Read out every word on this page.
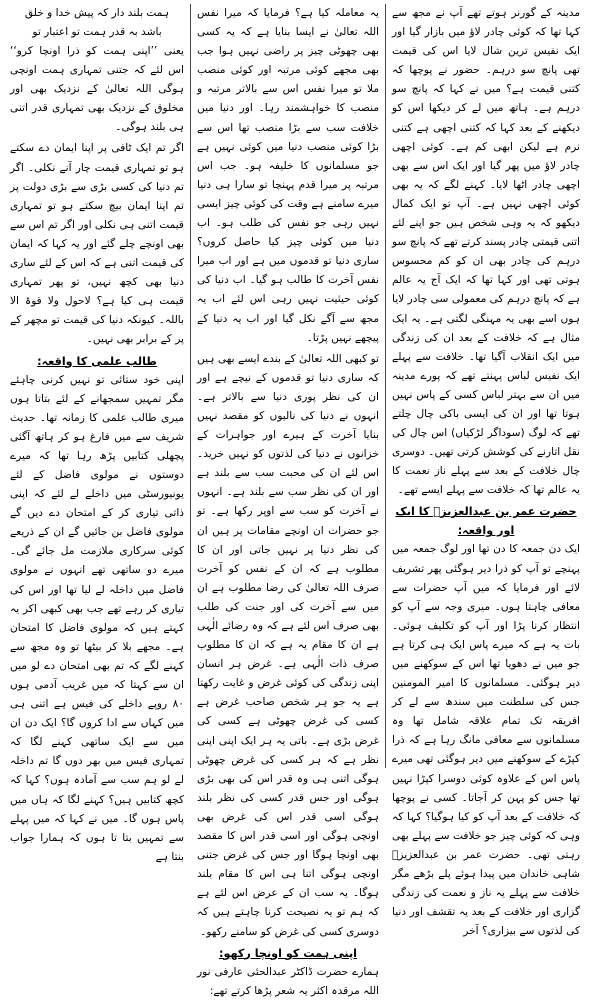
مدینہ کے گورنر ہوتے تھے آپ نے مجھ سے کہا تھا کہ کوئی چادر لاؤ میں بازار گیا اور ایک نفیس ترین شال لایا اس کی قیمت تھی پانچ سو درہم۔ حضور نے پوچھا کہ کتنی قیمت ہے؟ میں نے کہا کہ پانچ سو درہم ہے۔ ہاتھ میں لے کر دیکھا اس کو دیکھنے کے بعد کہا کہ کتنی اچھی ہے کتنی نرم ہے لیکن ابھی کم ہے۔ کوئی اچھی چادر لاؤ میں پھر گیا اور ایک اس سے بھی اچھی چادر اٹھا لایا۔ کہنے لگے کہ یہ بھی کوئی اچھی نہیں ہے۔ آپ تو ایک کمال دیکھو کہ یہ وہی شخص ہیں جو اپنے لئے اتنی قیمتی چادر پسند کرتے تھے کہ پانچ سو درہم کی چادر بھی ان کو کم محسوس ہوتی تھی اور کہا تھا کہ ایک آج یہ عالم ہے کہ پانچ درہم کی معمولی سی چادر لایا ہوں اسے بھی یہ مہنگی لگتی ہے۔ یہ ایک مثال ہے کہ خلافت کے بعد ان کی زندگی میں ایک انقلاب آگیا تھا۔ خلافت سے پہلے ایک نفیس لباس پہنتے تھے کہ پورے مدینہ میں ان سے بہتر لباس کسی کے پاس نہیں ہوتا تھا اور ان کی ایسی باکی چال چلتے تھے کہ لوگ (سوداگر لڑکیاں) اس چال کی نقل اتارنے کی کوشش کرتی تھیں۔ دوسری چال خلافت کے بعد سے پہلے ناز نعمت کا یہ عالم تھا کہ خلافت سے پہلے ایسے تھے۔

حضرت عمر بن عبدالعزیزؒ کا ایک اور واقعہ:

ایک دن جمعہ کا دن تھا اور لوگ جمعہ میں پہنچے تو آپ کو ذرا دیر ہوگئی پھر تشریف لائے اور فرمایا کہ میں آپ حضرات سے معافی چاہتا ہوں۔ میری وجہ سے آپ کو انتظار کرنا پڑا اور آپ کو تکلیف ہوئی۔ بات یہ ہے کہ میرے پاس ایک ہی کرتا ہے جو میں نے دھویا تھا اس کے سوکھنے میں دیر ہوگئی۔ مسلمانوں کا امیر المومنین جس کی سلطنت میں سندھ سے لے کر افریقہ تک تمام علاقہ شامل تھا وہ مسلمانوں سے معافی مانگ رہا ہے کہ ذرا کپڑے کے سوکھنے میں دیر ہوگئی تھی میرے پاس اس کے علاوہ کوئی دوسرا کپڑا نہیں تھا جس کو پہن کر آجاتا۔ کسی نے پوچھا کہ خلافت کے بعد آپ کو کیا ہوگیا؟ کہا کہ وہی کہ کوئی چیز جو خلافت سے پہلے بھی رہتی تھی۔ حضرت عمر بن عبدالعزیزؒ شاہی خاندان میں پیدا ہوئے پلے بڑھے مگر خلافت سے پہلے یہ ناز و نعمت کی زندگی گزاری اور خلافت کے بعد یہ تقشف اور دنیا کی لذتوں سے بیزاری؟ آخر

یہ معاملہ کیا ہے؟ فرمایا کہ میرا نفس اللہ تعالیٰ نے ایسا بنایا ہے کہ یہ کسی بھی چھوٹی چیز پر راضی نہیں ہوا جب بھی مجھے کوئی مرتبہ اور کوئی منصب ملا تو میرا نفس اس سے بالاتر مرتبہ و منصب کا خواہشمند رہا۔ اور دنیا میں خلافت سب سے بڑا منصب تھا اس سے بڑا کوئی منصب دنیا میں کوئی نہیں ہے جو مسلمانوں کا خلیفہ ہو۔ جب اس مرتبہ پر میرا قدم پہنچا تو سارا ہی دنیا میرے سامنے ہے وقت کی کوئی چیز ایسی نہیں رہی جو نفس کی طلب ہو۔ اب دنیا میں کوئی چیز کیا حاصل کروں؟ ساری دنیا تو قدموں میں ہے اور اب میرا نفس آخرت کا طالب ہو گیا۔ اب دنیا کی کوئی حیثیت نہیں رہی اس لئے اب یہ مجھ سے آگے نکل گیا اور اب یہ دنیا کے پیچھے نہیں پڑتا۔

تو کبھی اللہ تعالیٰ کے بندے ایسے بھی ہیں کہ ساری دنیا تو قدموں کے نیچے ہے اور ان کی نظر پوری دنیا سے بالاتر ہے۔ انہوں نے دنیا کی نالیوں کو مقصد نہیں بنایا آخرت کے ہیرے اور جواہرات کے خزانوں نے دنیا کی لذتوں کو نہیں خرید۔ اس لئے ان کی محبت سب سے بلند ہے اور ان کی نظر سب سے بلند ہے۔ انہوں نے آخرت کو سب سے اوپر رکھا ہے۔ تو جو حضرات ان اونچے مقامات پر ہیں ان کی نظر دنیا پر نہیں جاتی اور ان کا مطلوب ہے کہ ان کے نفس کو آخرت صرف اللہ تعالیٰ کی رضا مطلوب ہے ان میں سے آخرت کی اور جنت کی طلب بھی صرف اس لئے ہے کہ وہ رضائے الٰہی ہے ان کا مقام یہ ہے کہ ان کا مطلوب صرف ذات الٰہی ہے۔ غرض ہر انسان اپنی زندگی کی کوئی غرض و غایت رکھتا ہے یہ جو ہر شخص صاحب غرض ہے کسی کی غرض چھوٹی ہے کسی کی غرض بڑی ہے۔ باتی یہ ہر ایک اپنی اپنی نظر ہے کہ ہر کسی کی غرض چھوٹی ہوگی اتنی ہی وہ قدر اس کی بھی بڑی ہوگی اور جس قدر کسی کی نظر بلند ہوگی اسی قدر اس کی غرض بھی اونچی ہوگی اور اسی قدر اس کا مقصد بھی اونچا ہوگا اور جس کی غرض جتنی اونچی ہوگی اتنا ہی اس کا مقام بلند ہوگا۔ یہ سب ان کے عرض اس لئے ہے کہ ہم تو یہ نصیحت کرنا چاہتے ہیں کہ دوسری کسی کی غرض کو سامنے رکھو۔

اپنی ہمت کو اونچا رکھو:

ہمارے حضرت ڈاکٹر عبدالحئی عارفی نور اللہ مرقدہ اکثر یہ شعر پڑھا کرتے تھے:

ہمت بلند دار کہ پیش خدا و خلق

باشد بہ قدر ہمت تو اعتبار تو

یعنی ’’اپنی ہمت کو ذرا اونچا کرو‘‘ اس لئے کہ جتنی تمہاری ہمت اونچی ہوگی اللہ تعالیٰ کے نزدیک بھی اور مخلوق کے نزدیک بھی تمہاری قدر اتنی ہی بلند ہوگی۔

اگر تم ایک ٹافی پر اپنا ایمان دے سکتے ہو تو تمہاری قیمت چار آنے نکلی۔ اگر تم دنیا کی کسی بڑی سے بڑی دولت پر تم اپنا ایمان بیچ سکتے ہو تو تمہاری قیمت اتنی ہی نکلی اور اگر تم اس سے بھی اونچے چلے گئے اور یہ کہا کہ ایمان کی قیمت اتنی ہے کہ اس کے لئے ساری دنیا بھی کچھ نہیں، تو پھر تمہاری قیمت ہی کیا ہے؟ لاحول ولا قوۃ الا باللہ۔ کیونکہ دنیا کی قیمت تو مچھر کے پر کے برابر بھی نہیں۔

طالب علمی کا واقعہ:

اپنی خود ستائی تو نہیں کرنی چاہئے مگر تمہیں سمجھانے کے لئے بتاتا ہوں میری طالب علمی کا زمانہ تھا۔ حدیث شریف سے میں فارغ ہو کر ہاتھ آگئی پچھلی کتابیں پڑھ رہا تھا کہ میرے دوستوں نے مولوی فاضل کے لئے یونیورسٹی میں داخلے لے لئے کہ اپنی ذاتی تیاری کر کے امتحان دے دیں گے مولوی فاضل بن جائیں گے ان کے ذریعے کوئی سرکاری ملازمت مل جائے گی۔ میرے دو ساتھی تھے انہوں نے مولوی فاضل میں داخلہ لے لیا تھا اور اس کی تیاری کر رہے تھے جب بھی کبھی اکر یہ کہتے ہیں کہ مولوی فاضل کا امتحان ہے۔ مجھے بلا کر بیٹھا تو وہ مجھ سے کہنے لگے کہ تم بھی امتحان دے لو میں ان سے کہتا کہ میں غریب آدمی ہوں ۸۰ روپے داخلے کی فیس ہے اتنی ہی میں کہاں سے ادا کروں گا؟ ایک دن ان میں سے ایک ساتھی کہنے لگا کہ تمہاری فیس میں بھر دوں گا تم داخلہ لے لو ہم سب سے آمادہ ہوں؟ کہا کہ کچھ کتابیں ہیں؟ کہنے لگا کہ ہاں میں پاس ہوں گا۔ میں نے کہا کہ میں پہلے سے تمہیں بتا تا ہوں کہ ہمارا جواب بنتا ہے
